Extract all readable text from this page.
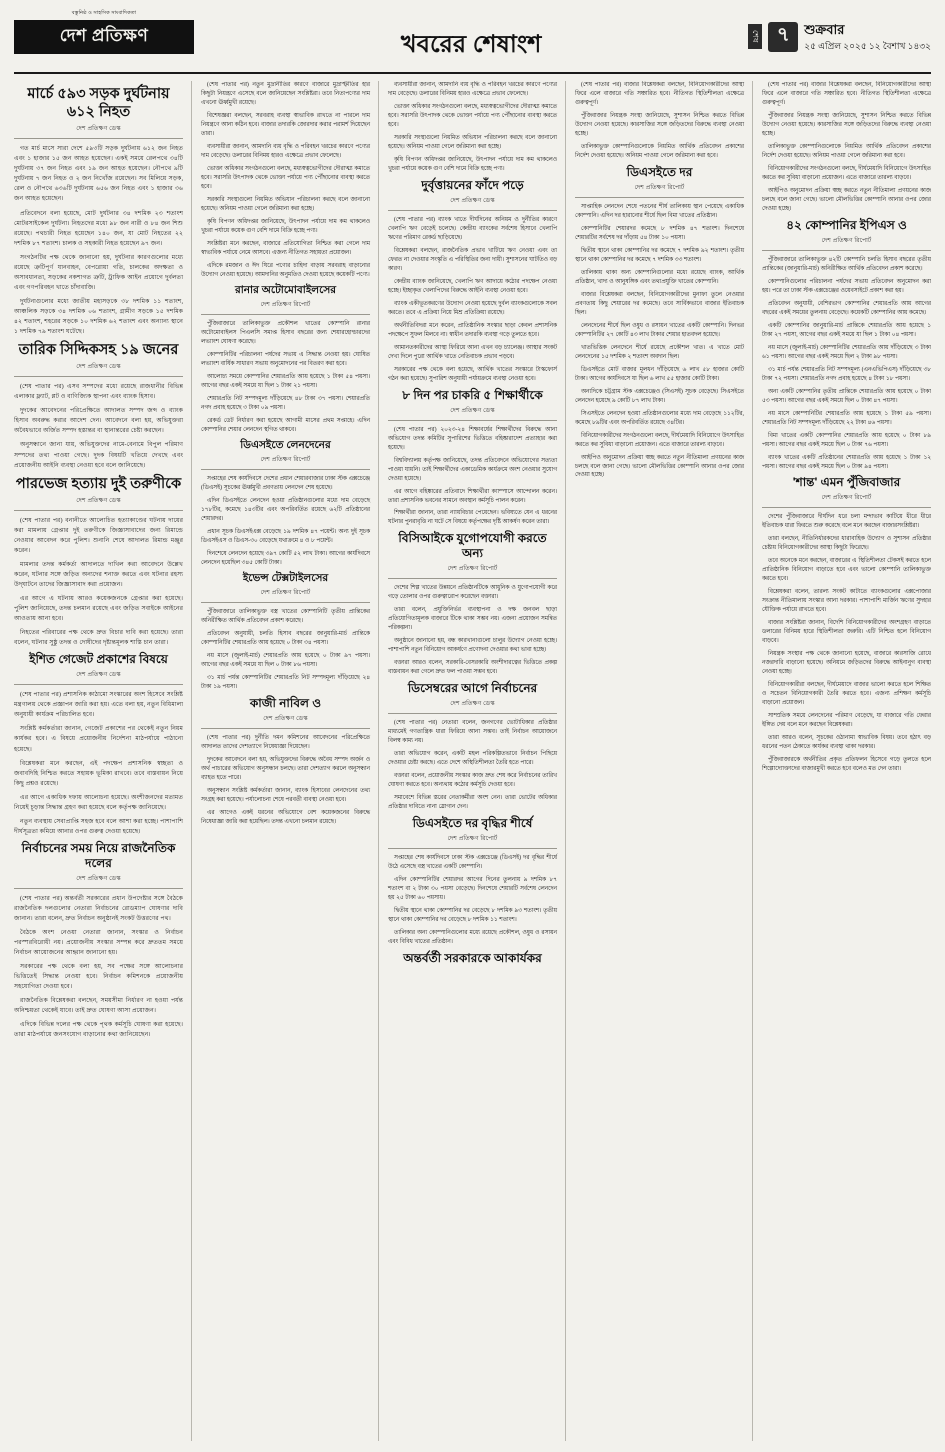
বস্তুনিষ্ঠ ও সাহসিক সাংবাদিকতা
দেশ প্রতিক্ষণ	খবরের শেষাংশ	শেষ ৭	শুক্রবার
২৫ এপ্রিল ২০২৫ ১২ বৈশাখ ১৪৩২
মার্চে ৫৯৩ সড়ক দুর্ঘটনায় ৬১২ নিহত
দেশ প্রতিক্ষণ ডেস্ক

গত মার্চ মাসে সারা দেশে ৫৯৩টি সড়ক দুর্ঘটনায় ৬১২ জন নিহত এবং ১ হাজার ১৫ জন আহত হয়েছেন। একই সময়ে রেলপথে ৩৪টি দুর্ঘটনায় ৩৭ জন নিহত এবং ১৯ জন আহত হয়েছেন। নৌপথে ৯টি দুর্ঘটনায় ৭ জন নিহত ও ২ জন নিখোঁজ রয়েছেন। সব মিলিয়ে সড়ক, রেল ও নৌপথে ৬৩৬টি দুর্ঘটনায় ৬৫৬ জন নিহত এবং ১ হাজার ৩৬ জন আহত হয়েছেন।

প্রতিবেদনে বলা হয়েছে, মোট দুর্ঘটনার ৩৪ দশমিক ২৩ শতাংশ মোটরসাইকেল দুর্ঘটনা। নিহতদের মধ্যে ৯৮ জন নারী ও ৮৪ জন শিশু রয়েছে। পথচারী নিহত হয়েছেন ১৪০ জন, যা মোট নিহতের ২২ দশমিক ৮৭ শতাংশ। চালক ও সহকারী নিহত হয়েছেন ৯৭ জন।

সংগঠনটির পক্ষ থেকে জানানো হয়, দুর্ঘটনার কারণগুলোর মধ্যে রয়েছে ত্রুটিপূর্ণ যানবাহন, বেপরোয়া গতি, চালকের অদক্ষতা ও অসাবধানতা, সড়কের নকশাগত ত্রুটি, ট্রাফিক আইন প্রয়োগে দুর্বলতা এবং গণপরিবহন খাতে চাঁদাবাজি।

দুর্ঘটনাগুলোর মধ্যে জাতীয় মহাসড়কে ৩৮ দশমিক ১১ শতাংশ, আঞ্চলিক সড়কে ৩৪ দশমিক ০৬ শতাংশ, গ্রামীণ সড়কে ১৫ দশমিক ৪২ শতাংশ, শহরের সড়কে ১০ দশমিক ৬২ শতাংশ এবং অন্যান্য স্থানে ১ দশমিক ৭৯ শতাংশ ঘটেছে।

তারিক সিদ্দিকসহ ১৯ জনের
দেশ প্রতিক্ষণ ডেস্ক

(শেষ পাতার পর) এসব সম্পদের মধ্যে রয়েছে রাজধানীর বিভিন্ন এলাকার ফ্ল্যাট, প্লট ও বাণিজ্যিক স্থাপনা এবং ব্যাংক হিসাব।

দুদকের আবেদনের পরিপ্রেক্ষিতে আদালত সম্পদ জব্দ ও ব্যাংক হিসাব অবরুদ্ধ করার আদেশ দেন। আবেদনে বলা হয়, অভিযুক্তরা অবৈধভাবে অর্জিত সম্পদ হস্তান্তর বা স্থানান্তরের চেষ্টা করছেন।

অনুসন্ধানে জানা যায়, অভিযুক্তদের নামে-বেনামে বিপুল পরিমাণ সম্পদের তথ্য পাওয়া গেছে। দুদক বিষয়টি খতিয়ে দেখছে এবং প্রয়োজনীয় আইনি ব্যবস্থা নেওয়া হবে বলে জানিয়েছে।

পারভেজ হত্যায় দুই তরুণীকে
দেশ প্রতিক্ষণ ডেস্ক

(শেষ পাতার পর) বনানীতে আলোচিত হত্যাকাণ্ডের ঘটনায় দায়ের করা মামলায় গ্রেপ্তার দুই তরুণীকে জিজ্ঞাসাবাদের জন্য রিমান্ডে নেওয়ার আবেদন করে পুলিশ। শুনানি শেষে আদালত রিমান্ড মঞ্জুর করেন।

মামলার তদন্ত কর্মকর্তা আদালতে দাখিল করা আবেদনে উল্লেখ করেন, ঘটনার সঙ্গে জড়িত অন্যদের শনাক্ত করতে এবং ঘটনার রহস্য উদ্‌ঘাটনে তাদের জিজ্ঞাসাবাদ করা প্রয়োজন।

এর আগে এ ঘটনায় আরও কয়েকজনকে গ্রেপ্তার করা হয়েছে। পুলিশ জানিয়েছে, তদন্ত চলমান রয়েছে এবং জড়িত সবাইকে আইনের আওতায় আনা হবে।

নিহতের পরিবারের পক্ষ থেকে দ্রুত বিচার দাবি করা হয়েছে। তারা বলেন, ঘটনার সুষ্ঠু তদন্ত ও দোষীদের দৃষ্টান্তমূলক শাস্তি চান তারা।

ইশিত গেজেট প্রকাশের বিষয়ে
দেশ প্রতিক্ষণ ডেস্ক

(শেষ পাতার পর) প্রশাসনিক কাঠামো সংস্কারের অংশ হিসেবে সংশ্লিষ্ট মন্ত্রণালয় থেকে প্রজ্ঞাপন জারি করা হয়। এতে বলা হয়, নতুন বিধিমালা অনুযায়ী কার্যক্রম পরিচালিত হবে।

সংশ্লিষ্ট কর্মকর্তারা জানান, গেজেট প্রকাশের পর থেকেই নতুন নিয়ম কার্যকর হবে। এ বিষয়ে প্রয়োজনীয় নির্দেশনা মাঠপর্যায়ে পাঠানো হয়েছে।

বিশ্লেষকরা মনে করছেন, এই পদক্ষেপ প্রশাসনিক স্বচ্ছতা ও জবাবদিহি নিশ্চিত করতে সহায়ক ভূমিকা রাখবে। তবে বাস্তবায়ন নিয়ে কিছু প্রশ্নও রয়েছে।

এর আগে একাধিক দফায় আলোচনা হয়েছে। অংশীজনদের মতামত নিয়েই চূড়ান্ত সিদ্ধান্ত গ্রহণ করা হয়েছে বলে কর্তৃপক্ষ জানিয়েছে।

নতুন ব্যবস্থায় সেবাপ্রাপ্তি সহজ হবে বলে আশা করা হচ্ছে। পাশাপাশি দীর্ঘসূত্রতা কমিয়ে আনার ওপর গুরুত্ব দেওয়া হয়েছে।

নির্বাচনের সময় নিয়ে রাজনৈতিক দলের
দেশ প্রতিক্ষণ ডেস্ক

(শেষ পাতার পর) অন্তর্বর্তী সরকারের প্রধান উপদেষ্টার সঙ্গে বৈঠকে রাজনৈতিক দলগুলোর নেতারা নির্বাচনের রোডম্যাপ ঘোষণার দাবি জানান। তারা বলেন, দ্রুত নির্বাচন অনুষ্ঠানই সংকট উত্তরণের পথ।

বৈঠকে অংশ নেওয়া নেতারা জানান, সংস্কার ও নির্বাচন পরস্পরবিরোধী নয়। প্রয়োজনীয় সংস্কার সম্পন্ন করে দ্রুততম সময়ে নির্বাচন আয়োজনের আহ্বান জানানো হয়।

সরকারের পক্ষ থেকে বলা হয়, সব পক্ষের সঙ্গে আলোচনার ভিত্তিতেই সিদ্ধান্ত নেওয়া হবে। নির্বাচন কমিশনকে প্রয়োজনীয় সহযোগিতা দেওয়া হবে।

রাজনৈতিক বিশ্লেষকরা বলছেন, সময়সীমা নির্ধারণ না হওয়া পর্যন্ত অনিশ্চয়তা থেকেই যাবে। তাই দ্রুত ঘোষণা আসা প্রয়োজন।

এদিকে বিভিন্ন দলের পক্ষ থেকে পৃথক কর্মসূচি ঘোষণা করা হয়েছে। তারা মাঠপর্যায়ে জনসংযোগ বাড়ানোর কথা জানিয়েছেন।

(শেষ পাতার পর) নতুন মুদ্রানীতির কারণে বাজারে মুদ্রাস্ফীতির হার কিছুটা নিয়ন্ত্রণে এসেছে বলে জানিয়েছেন সংশ্লিষ্টরা। তবে নিত্যপণ্যের দাম এখনো ঊর্ধ্বমুখী রয়েছে।

বিশেষজ্ঞরা বলছেন, সরবরাহ ব্যবস্থা স্বাভাবিক রাখতে না পারলে দাম নিয়ন্ত্রণে আনা কঠিন হবে। বাজার তদারকি জোরদার করার পরামর্শ দিয়েছেন তারা।

ব্যবসায়ীরা জানান, আমদানি ব্যয় বৃদ্ধি ও পরিবহন খরচের কারণে পণ্যের দাম বেড়েছে। ডলারের বিনিময় হারও এক্ষেত্রে প্রভাব ফেলেছে।

ভোক্তা অধিকার সংগঠনগুলো বলছে, মধ্যস্বত্বভোগীদের দৌরাত্ম্য কমাতে হবে। সরাসরি উৎপাদক থেকে ভোক্তা পর্যায়ে পণ্য পৌঁছানোর ব্যবস্থা করতে হবে।

সরকারি সংস্থাগুলো নিয়মিত অভিযান পরিচালনা করছে বলে জানানো হয়েছে। অনিয়ম পাওয়া গেলে জরিমানা করা হচ্ছে।

কৃষি বিপণন অধিদপ্তর জানিয়েছে, উৎপাদন পর্যায়ে দাম কম থাকলেও খুচরা পর্যায়ে কয়েক গুণ বেশি দামে বিক্রি হচ্ছে পণ্য।

সংশ্লিষ্টরা মনে করছেন, বাজারে প্রতিযোগিতা নিশ্চিত করা গেলে দাম স্বাভাবিক পর্যায়ে নেমে আসবে। এজন্য নীতিগত সহায়তা প্রয়োজন।

এদিকে রমজান ও ঈদ ঘিরে পণ্যের চাহিদা বাড়ায় সরবরাহ বাড়ানোর উদ্যোগ নেওয়া হয়েছে। আমদানির অনুমতিও দেওয়া হয়েছে কয়েকটি পণ্যে।

রানার অটোমোবাইলসের
দেশ প্রতিক্ষণ রিপোর্ট

পুঁজিবাজারে তালিকাভুক্ত প্রকৌশল খাতের কোম্পানি রানার অটোমোবাইলস পিএলসি সমাপ্ত হিসাব বছরের জন্য শেয়ারহোল্ডারদের লভ্যাংশ ঘোষণা করেছে।

কোম্পানিটির পরিচালনা পর্ষদের সভায় এ সিদ্ধান্ত নেওয়া হয়। ঘোষিত লভ্যাংশ বার্ষিক সাধারণ সভায় অনুমোদনের পর বিতরণ করা হবে।

আলোচ্য সময়ে কোম্পানির শেয়ারপ্রতি আয় হয়েছে ১ টাকা ৫৪ পয়সা। আগের বছর একই সময়ে যা ছিল ১ টাকা ২১ পয়সা।

শেয়ারপ্রতি নিট সম্পদমূল্য দাঁড়িয়েছে ৪৮ টাকা ৩৭ পয়সা। শেয়ারপ্রতি নগদ প্রবাহ হয়েছে ৩ টাকা ০৯ পয়সা।

রেকর্ড ডেট নির্ধারণ করা হয়েছে আগামী মাসের প্রথম সপ্তাহে। এদিন কোম্পানির শেয়ার লেনদেন স্থগিত থাকবে।

ডিএসইতে লেনদেনের
দেশ প্রতিক্ষণ রিপোর্ট

সপ্তাহের শেষ কার্যদিবসে দেশের প্রধান শেয়ারবাজার ঢাকা স্টক এক্সচেঞ্জে (ডিএসই) সূচকের ঊর্ধ্বমুখী প্রবণতায় লেনদেন শেষ হয়েছে।

এদিন ডিএসইতে লেনদেন হওয়া প্রতিষ্ঠানগুলোর মধ্যে দাম বেড়েছে ১৭৮টির, কমেছে ১৪৩টির এবং অপরিবর্তিত রয়েছে ৬২টি প্রতিষ্ঠানের শেয়ারদর।

প্রধান সূচক ডিএসইএক্স বেড়েছে ১৯ দশমিক ৪৭ পয়েন্ট। অন্য দুই সূচক ডিএসইএস ও ডিএস-৩০ বেড়েছে যথাক্রমে ৪ ও ৮ পয়েন্ট।

দিনশেষে লেনদেন হয়েছে ৩৯৭ কোটি ৫২ লাখ টাকা। আগের কার্যদিবসে লেনদেন হয়েছিল ৩৪৫ কোটি টাকা।

ইভেন্স টেক্সটাইলসের
দেশ প্রতিক্ষণ রিপোর্ট

পুঁজিবাজারে তালিকাভুক্ত বস্ত্র খাতের কোম্পানিটি তৃতীয় প্রান্তিকের অনিরীক্ষিত আর্থিক প্রতিবেদন প্রকাশ করেছে।

প্রতিবেদন অনুযায়ী, চলতি হিসাব বছরের জানুয়ারি-মার্চ প্রান্তিকে কোম্পানিটির শেয়ারপ্রতি আয় হয়েছে ০ টাকা ৩৪ পয়সা।

নয় মাসে (জুলাই-মার্চ) শেয়ারপ্রতি আয় হয়েছে ০ টাকা ৯৭ পয়সা। আগের বছর একই সময়ে যা ছিল ০ টাকা ৮৬ পয়সা।

৩১ মার্চ পর্যন্ত কোম্পানিটির শেয়ারপ্রতি নিট সম্পদমূল্য দাঁড়িয়েছে ২৪ টাকা ১৯ পয়সা।

কাজী নাবিল ও
দেশ প্রতিক্ষণ ডেস্ক

(শেষ পাতার পর) দুর্নীতি দমন কমিশনের আবেদনের পরিপ্রেক্ষিতে আদালত তাদের দেশত্যাগে নিষেধাজ্ঞা দিয়েছেন।

দুদকের আবেদনে বলা হয়, অভিযুক্তদের বিরুদ্ধে অবৈধ সম্পদ অর্জন ও অর্থ পাচারের অভিযোগ অনুসন্ধান চলছে। তারা দেশত্যাগ করলে অনুসন্ধান ব্যাহত হতে পারে।

অনুসন্ধান সংশ্লিষ্ট কর্মকর্তারা জানান, ব্যাংক হিসাবের লেনদেনের তথ্য সংগ্রহ করা হয়েছে। পর্যালোচনা শেষে পরবর্তী ব্যবস্থা নেওয়া হবে।

এর আগেও একই ধরনের অভিযোগে বেশ কয়েকজনের বিরুদ্ধে নিষেধাজ্ঞা জারি করা হয়েছিল। তদন্ত এখনো চলমান রয়েছে।

ব্যবসায়ীরা জানান, আমদানি ব্যয় বৃদ্ধি ও পরিবহন খরচের কারণে পণ্যের দাম বেড়েছে। ডলারের বিনিময় হারও এক্ষেত্রে প্রভাব ফেলেছে।

ভোক্তা অধিকার সংগঠনগুলো বলছে, মধ্যস্বত্বভোগীদের দৌরাত্ম্য কমাতে হবে। সরাসরি উৎপাদক থেকে ভোক্তা পর্যায়ে পণ্য পৌঁছানোর ব্যবস্থা করতে হবে।

সরকারি সংস্থাগুলো নিয়মিত অভিযান পরিচালনা করছে বলে জানানো হয়েছে। অনিয়ম পাওয়া গেলে জরিমানা করা হচ্ছে।

কৃষি বিপণন অধিদপ্তর জানিয়েছে, উৎপাদন পর্যায়ে দাম কম থাকলেও খুচরা পর্যায়ে কয়েক গুণ বেশি দামে বিক্রি হচ্ছে পণ্য।

দুর্বৃত্তায়নের ফাঁদে পড়ে
দেশ প্রতিক্ষণ ডেস্ক

(শেষ পাতার পর) ব্যাংক খাতে দীর্ঘদিনের অনিয়ম ও দুর্নীতির কারণে খেলাপি ঋণ বেড়েই চলেছে। কেন্দ্রীয় ব্যাংকের সর্বশেষ হিসাবে খেলাপি ঋণের পরিমাণ রেকর্ড ছাড়িয়েছে।

বিশ্লেষকরা বলছেন, রাজনৈতিক প্রভাব খাটিয়ে ঋণ নেওয়া এবং তা ফেরত না দেওয়ার সংস্কৃতি এ পরিস্থিতির জন্য দায়ী। সুশাসনের ঘাটতিও বড় কারণ।

কেন্দ্রীয় ব্যাংক জানিয়েছে, খেলাপি ঋণ আদায়ে কঠোর পদক্ষেপ নেওয়া হচ্ছে। ইচ্ছাকৃত খেলাপিদের বিরুদ্ধে আইনি ব্যবস্থা নেওয়া হবে।

ব্যাংক একীভূতকরণের উদ্যোগ নেওয়া হয়েছে দুর্বল ব্যাংকগুলোকে সবল করতে। তবে এ প্রক্রিয়া নিয়ে মিশ্র প্রতিক্রিয়া রয়েছে।

অর্থনীতিবিদরা মনে করেন, প্রাতিষ্ঠানিক সংস্কার ছাড়া কেবল প্রশাসনিক পদক্ষেপে সুফল মিলবে না। স্বাধীন তদারকি ব্যবস্থা গড়ে তুলতে হবে।

আমানতকারীদের আস্থা ফিরিয়ে আনা এখন বড় চ্যালেঞ্জ। আস্থার সংকট দেখা দিলে পুরো আর্থিক খাতে নেতিবাচক প্রভাব পড়বে।

সরকারের পক্ষ থেকে বলা হয়েছে, আর্থিক খাতের সংস্কারে টাস্কফোর্স গঠন করা হয়েছে। সুপারিশ অনুযায়ী পর্যায়ক্রমে ব্যবস্থা নেওয়া হবে।

৮ দিন পর চাকরি ৫ শিক্ষার্থীকে
দেশ প্রতিক্ষণ ডেস্ক

(শেষ পাতার পর) ২০২৩-২৪ শিক্ষাবর্ষের শিক্ষার্থীদের বিরুদ্ধে আনা অভিযোগ তদন্ত কমিটির সুপারিশের ভিত্তিতে বহিষ্কারাদেশ প্রত্যাহার করা হয়েছে।

বিশ্ববিদ্যালয় কর্তৃপক্ষ জানিয়েছে, তদন্ত প্রতিবেদনে অভিযোগের সত্যতা পাওয়া যায়নি। তাই শিক্ষার্থীদের একাডেমিক কার্যক্রমে অংশ নেওয়ার সুযোগ দেওয়া হয়েছে।

এর আগে বহিষ্কারের প্রতিবাদে শিক্ষার্থীরা ক্যাম্পাসে আন্দোলন করেন। তারা প্রশাসনিক ভবনের সামনে অবস্থান কর্মসূচি পালন করেন।

শিক্ষার্থীরা জানান, তারা ন্যায়বিচার পেয়েছেন। ভবিষ্যতে যেন এ ধরনের ঘটনার পুনরাবৃত্তি না ঘটে সে বিষয়ে কর্তৃপক্ষের দৃষ্টি আকর্ষণ করেন তারা।

বিসিআইকে যুগোপযোগী করতে অন্য
দেশ প্রতিক্ষণ রিপোর্ট

দেশের শিল্প খাতের উন্নয়নে প্রতিষ্ঠানটিকে আধুনিক ও যুগোপযোগী করে গড়ে তোলার ওপর গুরুত্বারোপ করেছেন বক্তারা।

তারা বলেন, প্রযুক্তিনির্ভর ব্যবস্থাপনা ও দক্ষ জনবল ছাড়া প্রতিযোগিতামূলক বাজারে টিকে থাকা সম্ভব নয়। এজন্য প্রয়োজন সমন্বিত পরিকল্পনা।

অনুষ্ঠানে জানানো হয়, বন্ধ কারখানাগুলো চালুর উদ্যোগ নেওয়া হচ্ছে। পাশাপাশি নতুন বিনিয়োগ আকর্ষণে প্রণোদনা দেওয়ার কথা ভাবা হচ্ছে।

বক্তারা আরও বলেন, সরকারি-বেসরকারি অংশীদারত্বের ভিত্তিতে প্রকল্প বাস্তবায়ন করা গেলে দ্রুত ফল পাওয়া সম্ভব হবে।

ডিসেম্বরের আগে নির্বাচনের
দেশ প্রতিক্ষণ ডেস্ক

(শেষ পাতার পর) নেতারা বলেন, জনগণের ভোটাধিকার প্রতিষ্ঠার মাধ্যমেই গণতান্ত্রিক ধারা ফিরিয়ে আনা সম্ভব। তাই নির্বাচন আয়োজনে বিলম্ব কাম্য নয়।

তারা অভিযোগ করেন, একটি মহল পরিকল্পিতভাবে নির্বাচন পিছিয়ে দেওয়ার চেষ্টা করছে। এতে দেশে অস্থিতিশীলতা তৈরি হতে পারে।

বক্তারা বলেন, প্রয়োজনীয় সংস্কার কাজ দ্রুত শেষ করে নির্বাচনের তারিখ ঘোষণা করতে হবে। অন্যথায় কঠোর কর্মসূচি দেওয়া হবে।

সমাবেশে বিভিন্ন স্তরের নেতাকর্মীরা অংশ নেন। তারা ভোটের অধিকার প্রতিষ্ঠার দাবিতে নানা স্লোগান দেন।

ডিএসইতে দর বৃদ্ধির শীর্ষে
দেশ প্রতিক্ষণ রিপোর্ট

সপ্তাহের শেষ কার্যদিবসে ঢাকা স্টক এক্সচেঞ্জে (ডিএসই) দর বৃদ্ধির শীর্ষে উঠে এসেছে বস্ত্র খাতের একটি কোম্পানি।

এদিন কোম্পানিটির শেয়ারদর আগের দিনের তুলনায় ৯ দশমিক ৮৭ শতাংশ বা ২ টাকা ৩০ পয়সা বেড়েছে। দিনশেষে শেয়ারটি সর্বশেষ লেনদেন হয় ২৫ টাকা ৬০ পয়সায়।

দ্বিতীয় স্থানে থাকা কোম্পানির দর বেড়েছে ৮ দশমিক ৯৩ শতাংশ। তৃতীয় স্থানে থাকা কোম্পানির দর বেড়েছে ৮ দশমিক ১১ শতাংশ।

তালিকার অন্য কোম্পানিগুলোর মধ্যে রয়েছে প্রকৌশল, ওষুধ ও রসায়ন এবং বিবিধ খাতের প্রতিষ্ঠান।

অন্তর্বর্তী সরকারকে আকার্যকর

(শেষ পাতার পর) বাজার বিশ্লেষকরা বলছেন, বিনিয়োগকারীদের আস্থা ফিরে এলে বাজারে গতি সঞ্চারিত হবে। নীতিগত স্থিতিশীলতা এক্ষেত্রে গুরুত্বপূর্ণ।

পুঁজিবাজার নিয়ন্ত্রক সংস্থা জানিয়েছে, সুশাসন নিশ্চিত করতে বিভিন্ন উদ্যোগ নেওয়া হয়েছে। কারসাজির সঙ্গে জড়িতদের বিরুদ্ধে ব্যবস্থা নেওয়া হচ্ছে।

তালিকাভুক্ত কোম্পানিগুলোকে নিয়মিত আর্থিক প্রতিবেদন প্রকাশের নির্দেশ দেওয়া হয়েছে। অনিয়ম পাওয়া গেলে জরিমানা করা হবে।

ডিএসইতে দর
দেশ প্রতিক্ষণ রিপোর্ট

সাপ্তাহিক লেনদেন শেষে পতনের শীর্ষ তালিকায় স্থান পেয়েছে একাধিক কোম্পানি। এদিন দর হারানোর শীর্ষে ছিল বিমা খাতের প্রতিষ্ঠান।

কোম্পানিটির শেয়ারদর কমেছে ৮ দশমিক ৪৭ শতাংশ। দিনশেষে শেয়ারটির সর্বশেষ দর দাঁড়ায় ৫৪ টাকা ১০ পয়সা।

দ্বিতীয় স্থানে থাকা কোম্পানির দর কমেছে ৭ দশমিক ৯২ শতাংশ। তৃতীয় স্থানে থাকা কোম্পানির দর কমেছে ৭ দশমিক ৩৩ শতাংশ।

তালিকায় থাকা অন্য কোম্পানিগুলোর মধ্যে রয়েছে ব্যাংক, আর্থিক প্রতিষ্ঠান, খাদ্য ও আনুষঙ্গিক এবং তথ্যপ্রযুক্তি খাতের কোম্পানি।

বাজার বিশ্লেষকরা বলছেন, বিনিয়োগকারীদের মুনাফা তুলে নেওয়ার প্রবণতায় কিছু শেয়ারের দর কমেছে। তবে সার্বিকভাবে বাজার ইতিবাচক ছিল।

লেনদেনের শীর্ষে ছিল ওষুধ ও রসায়ন খাতের একটি কোম্পানি। দিনভর কোম্পানিটির ২৭ কোটি ৪৩ লাখ টাকার শেয়ার হাতবদল হয়েছে।

খাতভিত্তিক লেনদেনে শীর্ষে রয়েছে প্রকৌশল খাত। এ খাতে মোট লেনদেনের ১৫ দশমিক ২ শতাংশ অবদান ছিল।

ডিএসইতে মোট বাজার মূলধন দাঁড়িয়েছে ৬ লাখ ৫৮ হাজার কোটি টাকা। আগের কার্যদিবসে যা ছিল ৬ লাখ ৫৫ হাজার কোটি টাকা।

অন্যদিকে চট্টগ্রাম স্টক এক্সচেঞ্জেও (সিএসই) সূচক বেড়েছে। সিএসইতে লেনদেন হয়েছে ৯ কোটি ৮৭ লাখ টাকা।

সিএসইতে লেনদেন হওয়া প্রতিষ্ঠানগুলোর মধ্যে দাম বেড়েছে ১১২টির, কমেছে ৮৯টির এবং অপরিবর্তিত রয়েছে ৩৪টির।

বিনিয়োগকারীদের সংগঠনগুলো বলছে, দীর্ঘমেয়াদি বিনিয়োগে উৎসাহিত করতে কর সুবিধা বাড়ানো প্রয়োজন। এতে বাজারে তারল্য বাড়বে।

আইপিও অনুমোদন প্রক্রিয়া স্বচ্ছ করতে নতুন নীতিমালা প্রণয়নের কাজ চলছে বলে জানা গেছে। ভালো মৌলভিত্তির কোম্পানি আনার ওপর জোর দেওয়া হচ্ছে।

(শেষ পাতার পর) বাজার বিশ্লেষকরা বলছেন, বিনিয়োগকারীদের আস্থা ফিরে এলে বাজারে গতি সঞ্চারিত হবে। নীতিগত স্থিতিশীলতা এক্ষেত্রে গুরুত্বপূর্ণ।

পুঁজিবাজার নিয়ন্ত্রক সংস্থা জানিয়েছে, সুশাসন নিশ্চিত করতে বিভিন্ন উদ্যোগ নেওয়া হয়েছে। কারসাজির সঙ্গে জড়িতদের বিরুদ্ধে ব্যবস্থা নেওয়া হচ্ছে।

তালিকাভুক্ত কোম্পানিগুলোকে নিয়মিত আর্থিক প্রতিবেদন প্রকাশের নির্দেশ দেওয়া হয়েছে। অনিয়ম পাওয়া গেলে জরিমানা করা হবে।

বিনিয়োগকারীদের সংগঠনগুলো বলছে, দীর্ঘমেয়াদি বিনিয়োগে উৎসাহিত করতে কর সুবিধা বাড়ানো প্রয়োজন। এতে বাজারে তারল্য বাড়বে।

আইপিও অনুমোদন প্রক্রিয়া স্বচ্ছ করতে নতুন নীতিমালা প্রণয়নের কাজ চলছে বলে জানা গেছে। ভালো মৌলভিত্তির কোম্পানি আনার ওপর জোর দেওয়া হচ্ছে।

৪২ কোম্পানির ইপিএস ও
দেশ প্রতিক্ষণ রিপোর্ট

পুঁজিবাজারে তালিকাভুক্ত ৪২টি কোম্পানি চলতি হিসাব বছরের তৃতীয় প্রান্তিকের (জানুয়ারি-মার্চ) অনিরীক্ষিত আর্থিক প্রতিবেদন প্রকাশ করেছে।

কোম্পানিগুলোর পরিচালনা পর্ষদের সভায় প্রতিবেদন অনুমোদন করা হয়। পরে তা ঢাকা স্টক এক্সচেঞ্জের ওয়েবসাইটে প্রকাশ করা হয়।

প্রতিবেদন অনুযায়ী, বেশিরভাগ কোম্পানির শেয়ারপ্রতি আয় আগের বছরের একই সময়ের তুলনায় বেড়েছে। কয়েকটি কোম্পানির আয় কমেছে।

একটি কোম্পানির জানুয়ারি-মার্চ প্রান্তিকে শেয়ারপ্রতি আয় হয়েছে ১ টাকা ২৭ পয়সা, আগের বছর একই সময়ে যা ছিল ১ টাকা ০৪ পয়সা।

নয় মাসে (জুলাই-মার্চ) কোম্পানিটির শেয়ারপ্রতি আয় দাঁড়িয়েছে ৩ টাকা ৬১ পয়সা। আগের বছর একই সময়ে ছিল ২ টাকা ৯৮ পয়সা।

৩১ মার্চ পর্যন্ত শেয়ারপ্রতি নিট সম্পদমূল্য (এনএভিপিএস) দাঁড়িয়েছে ৩৮ টাকা ৭২ পয়সা। শেয়ারপ্রতি নগদ প্রবাহ হয়েছে ৪ টাকা ১৮ পয়সা।

অন্য একটি কোম্পানির তৃতীয় প্রান্তিকে শেয়ারপ্রতি আয় হয়েছে ০ টাকা ৫৩ পয়সা। আগের বছর একই সময়ে ছিল ০ টাকা ৪৭ পয়সা।

নয় মাসে কোম্পানিটির শেয়ারপ্রতি আয় হয়েছে ১ টাকা ৫৯ পয়সা। শেয়ারপ্রতি নিট সম্পদমূল্য দাঁড়িয়েছে ২২ টাকা ৪৬ পয়সা।

বিমা খাতের একটি কোম্পানির শেয়ারপ্রতি আয় হয়েছে ০ টাকা ৮৯ পয়সা। আগের বছর একই সময়ে ছিল ০ টাকা ৭৬ পয়সা।

ব্যাংক খাতের একটি প্রতিষ্ঠানের শেয়ারপ্রতি আয় হয়েছে ১ টাকা ১২ পয়সা। আগের বছর একই সময়ে ছিল ০ টাকা ৯৪ পয়সা।

'শান্ত' এমন পুঁজিবাজার
দেশ প্রতিক্ষণ রিপোর্ট

দেশের পুঁজিবাজারে দীর্ঘদিন ধরে চলা মন্দাভাব কাটিয়ে ধীরে ধীরে ইতিবাচক ধারা ফিরতে শুরু করেছে বলে মনে করছেন বাজারসংশ্লিষ্টরা।

তারা বলছেন, নীতিনির্ধারকদের ধারাবাহিক উদ্যোগ ও সুশাসন প্রতিষ্ঠার চেষ্টায় বিনিয়োগকারীদের আস্থা কিছুটা ফিরেছে।

তবে অনেকে মনে করছেন, বাজারের এ স্থিতিশীলতা টেকসই করতে হলে প্রাতিষ্ঠানিক বিনিয়োগ বাড়াতে হবে এবং ভালো কোম্পানি তালিকাভুক্ত করতে হবে।

বিশ্লেষকরা বলেন, তারল্য সংকট কাটাতে ব্যাংকগুলোর এক্সপোজার সংক্রান্ত নীতিমালায় সংস্কার আনা দরকার। পাশাপাশি মার্জিন ঋণের সুদহার যৌক্তিক পর্যায়ে রাখতে হবে।

বাজার সংশ্লিষ্টরা জানান, বিদেশি বিনিয়োগকারীদের অংশগ্রহণ বাড়াতে ডলারের বিনিময় হারে স্থিতিশীলতা জরুরি। এটি নিশ্চিত হলে বিনিয়োগ বাড়বে।

নিয়ন্ত্রক সংস্থার পক্ষ থেকে জানানো হয়েছে, বাজারে কারসাজি রোধে নজরদারি বাড়ানো হয়েছে। অনিয়মে জড়িতদের বিরুদ্ধে আইনানুগ ব্যবস্থা নেওয়া হচ্ছে।

বিনিয়োগকারীরা বলছেন, দীর্ঘমেয়াদে বাজার ভালো করতে হলে শিক্ষিত ও সচেতন বিনিয়োগকারী তৈরি করতে হবে। এজন্য প্রশিক্ষণ কর্মসূচি বাড়ানো প্রয়োজন।

সাম্প্রতিক সময়ে লেনদেনের পরিমাণ বেড়েছে, যা বাজারে গতি ফেরার ইঙ্গিত দেয় বলে মনে করছেন বিশ্লেষকরা।

তারা আরও বলেন, সূচকের ওঠানামা স্বাভাবিক বিষয়। তবে হঠাৎ বড় ধরনের পতন ঠেকাতে কার্যকর ব্যবস্থা থাকা দরকার।

পুঁজিবাজারকে অর্থনীতির প্রকৃত প্রতিফলন হিসেবে গড়ে তুলতে হলে শিল্পোদ্যোক্তাদের বাজারমুখী করতে হবে বলেও মত দেন তারা।
